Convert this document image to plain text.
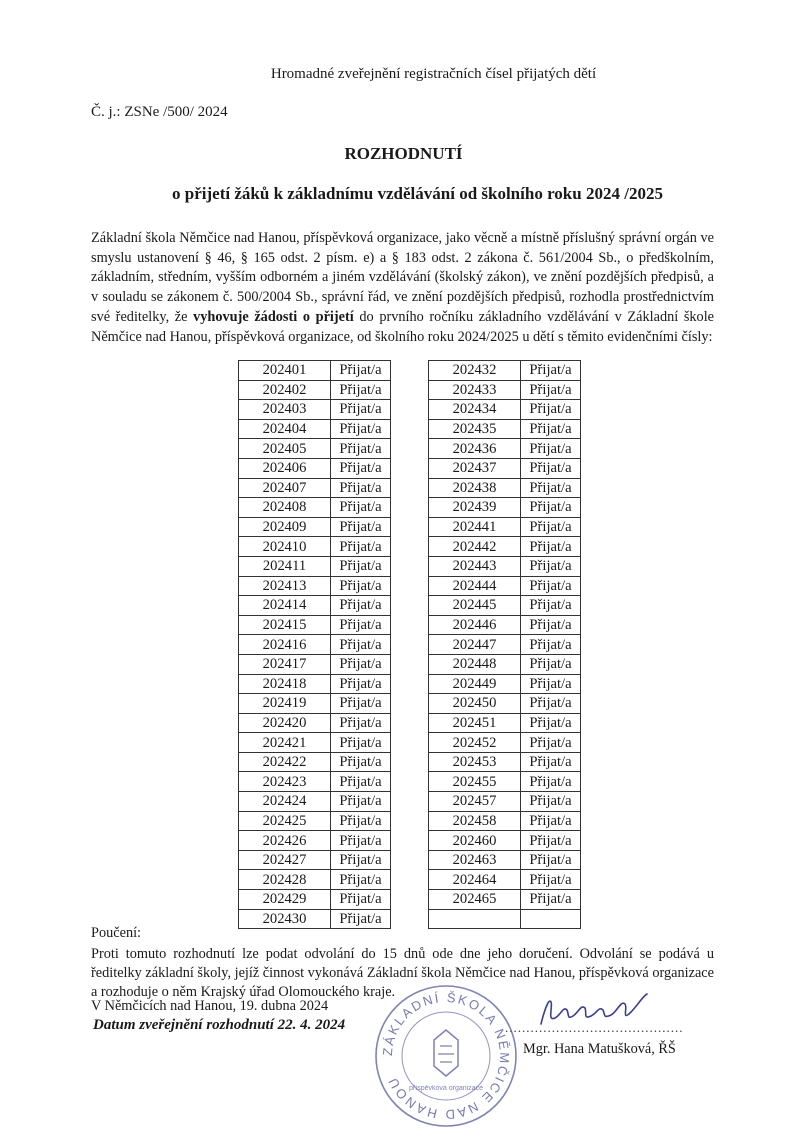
Hromadné zveřejnění registračních čísel přijatých dětí
Č. j.: ZSNe /500/ 2024
ROZHODNUTÍ
o přijetí žáků k základnímu vzdělávání od školního roku 2024 /2025
Základní škola Němčice nad Hanou, příspěvková organizace, jako věcně a místně příslušný správní orgán ve smyslu ustanovení § 46, § 165 odst. 2 písm. e) a § 183 odst. 2 zákona č. 561/2004 Sb., o předškolním, základním, středním, vyšším odborném a jiném vzdělávání (školský zákon), ve znění pozdějších předpisů, a v souladu se zákonem č. 500/2004 Sb., správní řád, ve znění pozdějších předpisů, rozhodla prostřednictvím své ředitelky, že vyhovuje žádosti o přijetí do prvního ročníku základního vzdělávání v Základní škole Němčice nad Hanou, příspěvková organizace, od školního roku 2024/2025 u dětí s těmito evidenčními čísly:
202401	Přijat/a
202402	Přijat/a
202403	Přijat/a
202404	Přijat/a
202405	Přijat/a
202406	Přijat/a
202407	Přijat/a
202408	Přijat/a
202409	Přijat/a
202410	Přijat/a
202411	Přijat/a
202413	Přijat/a
202414	Přijat/a
202415	Přijat/a
202416	Přijat/a
202417	Přijat/a
202418	Přijat/a
202419	Přijat/a
202420	Přijat/a
202421	Přijat/a
202422	Přijat/a
202423	Přijat/a
202424	Přijat/a
202425	Přijat/a
202426	Přijat/a
202427	Přijat/a
202428	Přijat/a
202429	Přijat/a
202430	Přijat/a
202432	Přijat/a
202433	Přijat/a
202434	Přijat/a
202435	Přijat/a
202436	Přijat/a
202437	Přijat/a
202438	Přijat/a
202439	Přijat/a
202441	Přijat/a
202442	Přijat/a
202443	Přijat/a
202444	Přijat/a
202445	Přijat/a
202446	Přijat/a
202447	Přijat/a
202448	Přijat/a
202449	Přijat/a
202450	Přijat/a
202451	Přijat/a
202452	Přijat/a
202453	Přijat/a
202455	Přijat/a
202457	Přijat/a
202458	Přijat/a
202460	Přijat/a
202463	Přijat/a
202464	Přijat/a
202465	Přijat/a

Poučení:
Proti tomuto rozhodnutí lze podat odvolání do 15 dnů ode dne jeho doručení. Odvolání se podává u ředitelky základní školy, jejíž činnost vykonává Základní škola Němčice nad Hanou, příspěvková organizace a rozhoduje o něm Krajský úřad Olomouckého kraje.
V Němčicích nad Hanou, 19. dubna 2024
Datum zveřejnění rozhodnutí 22. 4. 2024	..........................................
ZÁKLADNÍ ŠKOLA NĚMČICE NAD HANOU příspěvková organizace
Mgr. Hana Matušková, ŘŠ
